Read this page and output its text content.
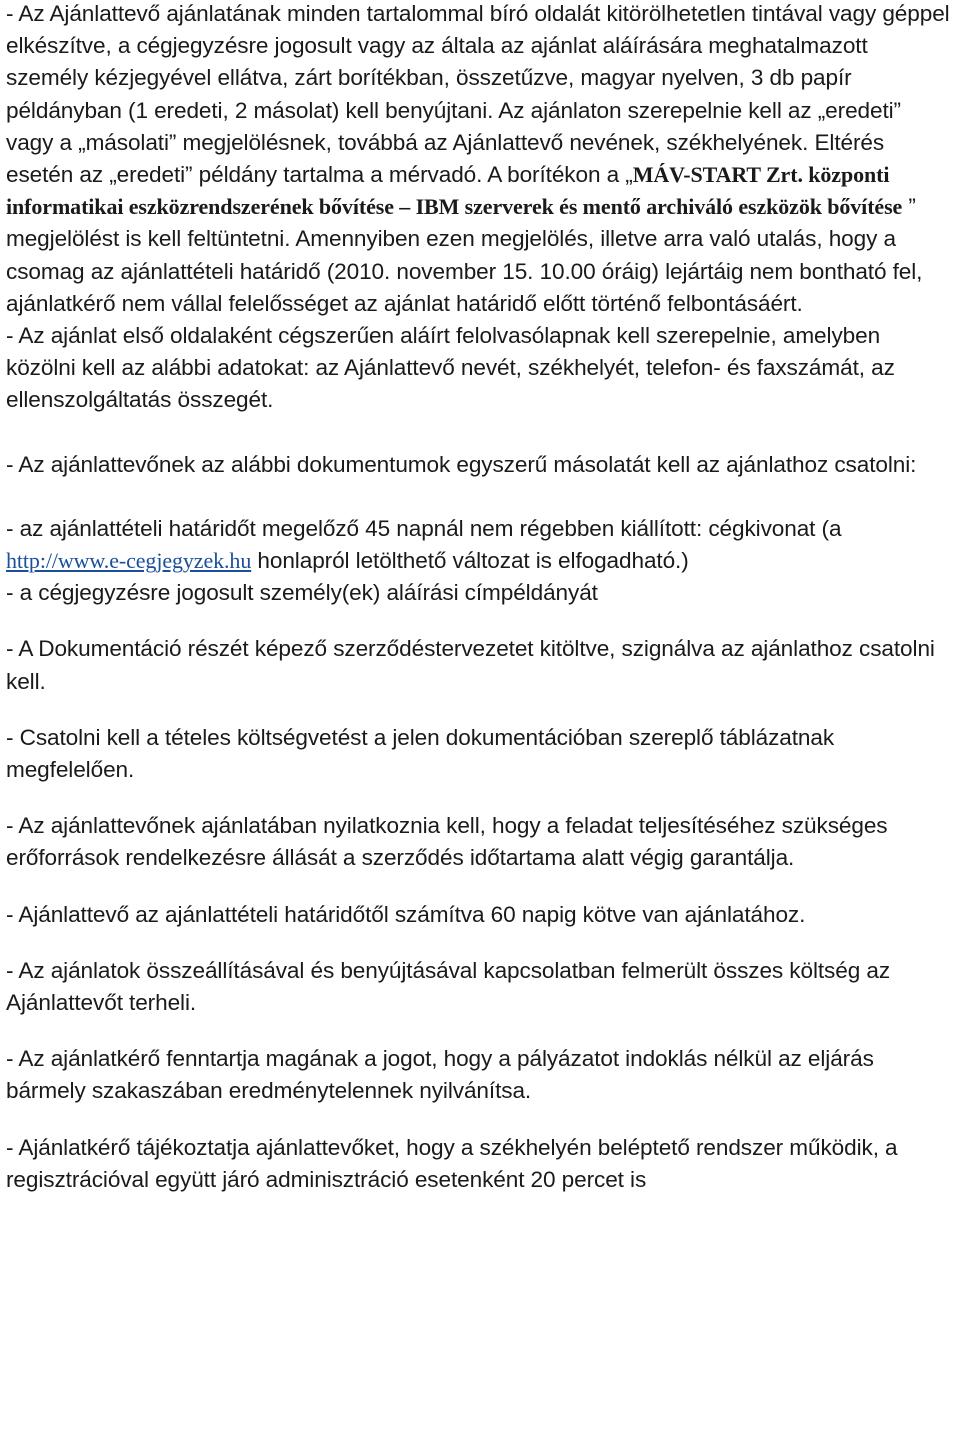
- Az Ajánlattevő ajánlatának minden tartalommal bíró oldalát kitörölhetetlen tintával vagy géppel elkészítve, a cégjegyzésre jogosult vagy az általa az ajánlat aláírására meghatalmazott személy kézjegyével ellátva, zárt borítékban, összetűzve, magyar nyelven, 3 db papír példányban (1 eredeti, 2 másolat) kell benyújtani. Az ajánlaton szerepelnie kell az „eredeti” vagy a „másolati” megjelölésnek, továbbá az Ajánlattevő nevének, székhelyének. Eltérés esetén az „eredeti” példány tartalma a mérvadó. A borítékon a „MÁV-START Zrt. központi informatikai eszközrendszerének bővítése – IBM szerverek és mentő archiváló eszközök bővítése ” megjelölést is kell feltüntetni. Amennyiben ezen megjelölés, illetve arra való utalás, hogy a csomag az ajánlattételi határidő (2010. november 15. 10.00 óráig) lejártáig nem bontható fel, ajánlatkérő nem vállal felelősséget az ajánlat határidő előtt történő felbontásáért.

- Az ajánlat első oldalaként cégszerűen aláírt felolvasólapnak kell szerepelnie, amelyben közölni kell az alábbi adatokat: az Ajánlattevő nevét, székhelyét, telefon- és faxszámát, az ellenszolgáltatás összegét.

- Az ajánlattevőnek az alábbi dokumentumok egyszerű másolatát kell az ajánlathoz csatolni:

- az ajánlattételi határidőt megelőző 45 napnál nem régebben kiállított: cégkivonat (a http://www.e-cegjegyzek.hu honlapról letölthető változat is elfogadható.)

- a cégjegyzésre jogosult személy(ek) aláírási címpéldányát

- A Dokumentáció részét képező szerződéstervezetet kitöltve, szignálva az ajánlathoz csatolni kell.

- Csatolni kell a tételes költségvetést a jelen dokumentációban szereplő táblázatnak megfelelően.

- Az ajánlattevőnek ajánlatában nyilatkoznia kell, hogy a feladat teljesítéséhez szükséges erőforrások rendelkezésre állását a szerződés időtartama alatt végig garantálja.

- Ajánlattevő az ajánlattételi határidőtől számítva 60 napig kötve van ajánlatához.

- Az ajánlatok összeállításával és benyújtásával kapcsolatban felmerült összes költség az Ajánlattevőt terheli.

- Az ajánlatkérő fenntartja magának a jogot, hogy a pályázatot indoklás nélkül az eljárás bármely szakaszában eredménytelennek nyilvánítsa.

- Ajánlatkérő tájékoztatja ajánlattevőket, hogy a székhelyén beléptető rendszer működik, a regisztrációval együtt járó adminisztráció esetenként 20 percet is
